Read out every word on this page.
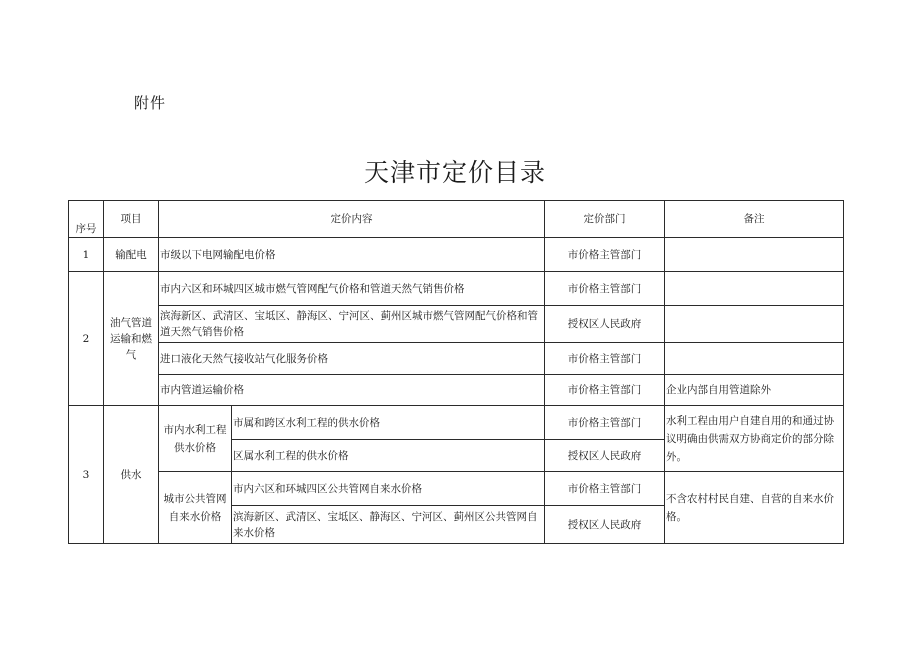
附件
天津市定价目录
序号	项目	定价内容		定价部门	备注
1	输配电	市级以下电网输配电价格		市价格主管部门	
2	油气管道运输和燃气	市内六区和环城四区城市燃气管网配气价格和管道天然气销售价格		市价格主管部门	
		滨海新区、武清区、宝坻区、静海区、宁河区、蓟州区城市燃气管网配气价格和管道天然气销售价格		授权区人民政府	
		进口液化天然气接收站气化服务价格		市价格主管部门	
		市内管道运输价格		市价格主管部门	企业内部自用管道除外
3	供水	市内水利工程供水价格	市属和跨区水利工程的供水价格	市价格主管部门	水利工程由用户自建自用的和通过协议明确由供需双方协商定价的部分除外。
			区属水利工程的供水价格	授权区人民政府	
		城市公共管网自来水价格	市内六区和环城四区公共管网自来水价格	市价格主管部门	不含农村村民自建、自营的自来水价格。
			滨海新区、武清区、宝坻区、静海区、宁河区、蓟州区公共管网自来水价格	授权区人民政府	
